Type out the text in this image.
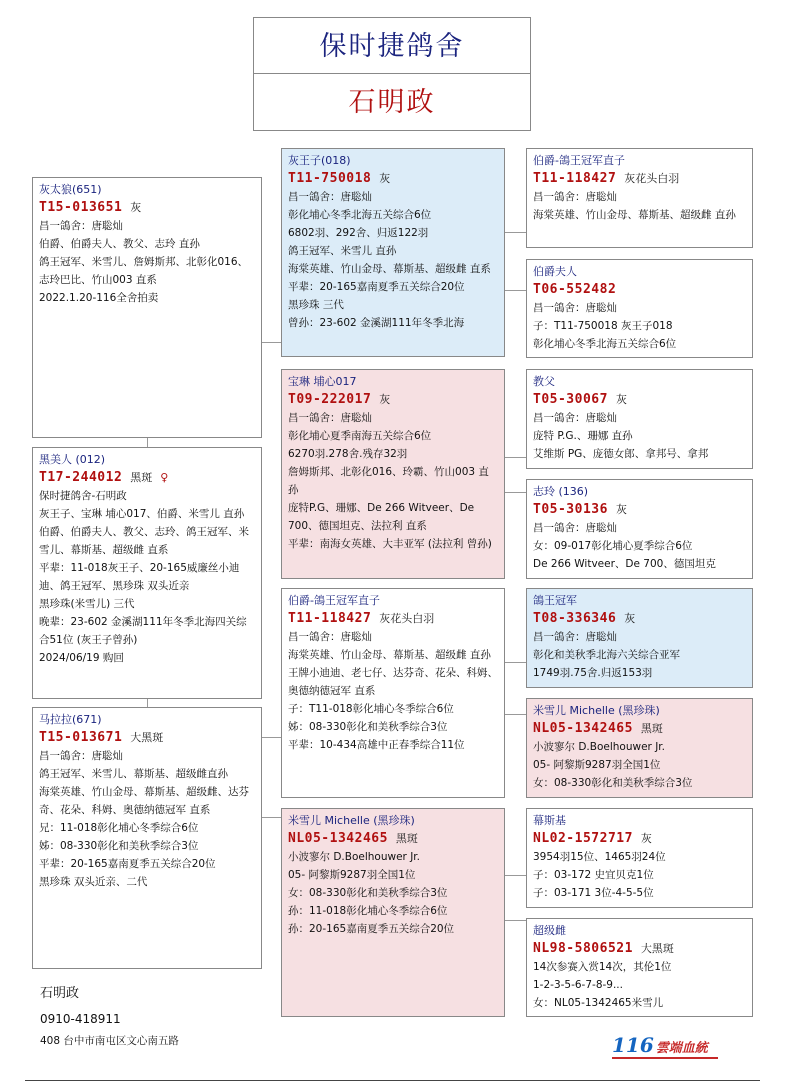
保时捷鸽舍
石明政
灰太狼(651)
T15-013651 灰
昌一鴿舍：唐聡灿
伯爵、伯爵夫人、教父、志玲 直孙
鸽王冠军、米雪儿、詹姆斯邦、北彰化016、志玲巴比、竹山003 直系
2022.1.20-116全舍拍卖
黑美人 (012)
T17-244012 黑斑 ♀
保时捷鸽舍-石明政
灰王子、宝琳 埔心017、伯爵、米雪儿 直孙
伯爵、伯爵夫人、教父、志玲、鸽王冠军、米雪儿、幕斯基、超级雌 直系
平辈：11-018灰王子、20-165威廉丝小迪迪、鸽王冠军、黑珍珠 双头近亲
黑珍珠(米雪儿) 三代
晚辈：23-602 金溪湖111年冬季北海四关综合51位 (灰王子曾孙)
2024/06/19 购回
马拉拉(671)
T15-013671 大黑斑
昌一鴿舍：唐聡灿
鸽王冠军、米雪儿、幕斯基、超级雌直孙
海棠英雄、竹山金母、幕斯基、超级雌、达芬奇、花朵、科姆、奥德纳德冠军 直系
兄：11-018彰化埔心冬季综合6位
姊：08-330彰化和美秋季综合3位
平辈：20-165嘉南夏季五关综合20位
黑珍珠 双头近亲、二代
灰王子(018)
T11-750018 灰
昌一鴿舍：唐聡灿
彰化埔心冬季北海五关综合6位
6802羽、292舍、归返122羽
鸽王冠军、米雪儿 直孙
海棠英雄、竹山金母、幕斯基、超级雌 直系
平辈：20-165嘉南夏季五关综合20位
黑珍珠 三代
曾孙：23-602 金溪湖111年冬季北海
宝琳 埔心017
T09-222017 灰
昌一鴿舍：唐聡灿
彰化埔心夏季南海五关综合6位
6270羽.278舍.残存32羽
詹姆斯邦、北彰化016、玲霸、竹山003 直孙
庞特P.G、珊娜、De 266 Witveer、De 700、德国坦克、法拉利 直系
平辈：南海女英雄、大丰亚军 (法拉利 曾孙)
伯爵-鴿王冠军直子
T11-118427 灰花头白羽
昌一鴿舍：唐聡灿
海棠英雄、竹山金母、幕斯基、超级雌 直孙
王牌小迪迪、老七仔、达芬奇、花朵、科姆、奥德纳德冠军 直系
子：T11-018彰化埔心冬季综合6位
姊：08-330彰化和美秋季综合3位
平辈：10-434高雄中正春季综合11位
米雪儿 Michelle (黑珍珠)
NL05-1342465 黑斑
小波寥尔 D.Boelhouwer Jr.
05- 阿黎斯9287羽全国1位
女：08-330彰化和美秋季综合3位
孙：11-018彰化埔心冬季综合6位
孙：20-165嘉南夏季五关综合20位
伯爵-鴿王冠军直子
T11-118427 灰花头白羽
昌一鴿舍：唐聡灿
海棠英雄、竹山金母、幕斯基、超级雌 直孙
伯爵夫人
T06-552482
昌一鴿舍：唐聡灿
子：T11-750018 灰王子018
彰化埔心冬季北海五关综合6位
教父
T05-30067 灰
昌一鴿舍：唐聡灿
庞特 P.G.、珊娜 直孙
艾维斯 PG、庞德女郎、拿邦号、拿邦
志玲 (136)
T05-30136 灰
昌一鴿舍：唐聡灿
女：09-017彰化埔心夏季综合6位
De 266 Witveer、De 700、德国坦克
鴿王冠军
T08-336346 灰
昌一鴿舍：唐聡灿
彰化和美秋季北海六关综合亚军
1749羽.75舍.归返153羽
米雪儿 Michelle (黑珍珠)
NL05-1342465 黑斑
小波寥尔 D.Boelhouwer Jr.
05- 阿黎斯9287羽全国1位
女：08-330彰化和美秋季综合3位
幕斯基
NL02-1572717 灰
3954羽15位、1465羽24位
子：03-172 史宜贝克1位
子：03-171 3位-4-5-5位
超级雌
NL98-5806521 大黑斑
14次参赛入赏14次，其伦1位
1-2-3-5-6-7-8-9...
女：NL05-1342465米雪儿
石明政
0910-418911
408 台中市南屯区文心南五路	116 雲端血統
